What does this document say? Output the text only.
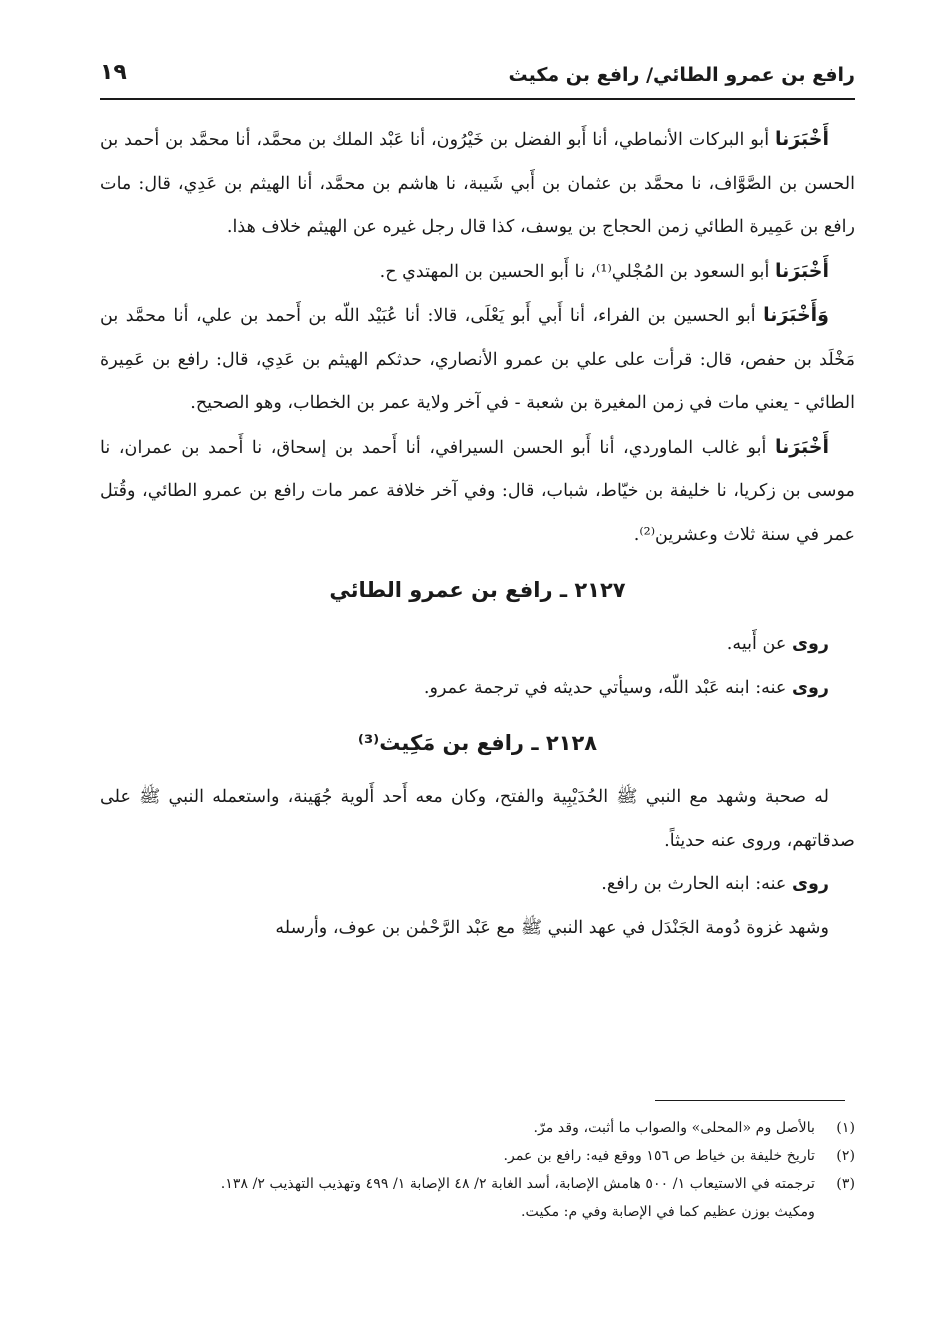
رافع بن عمرو الطائي/ رافع بن مكيث
١٩

أَخْبَرَنا أبو البركات الأنماطي، أنا أَبو الفضل بن خَيْرُون، أنا عَبْد الملك بن محمَّد، أنا محمَّد بن أحمد بن الحسن بن الصَّوَّاف، نا محمَّد بن عثمان بن أَبي شَيبة، نا هاشم بن محمَّد، أنا الهيثم بن عَدِي، قال: مات رافع بن عَمِيرة الطائي زمن الحجاج بن يوسف، كذا قال رجل غيره عن الهيثم خلاف هذا.

أَخْبَرَنا أبو السعود بن المُجْلي⁽¹⁾، نا أَبو الحسين بن المهتدي ح.

وَأَخْبَرَنا أبو الحسين بن الفراء، أنا أَبي أَبو يَعْلَى، قالا: أنا عُبَيْد اللّه بن أَحمد بن علي، أنا محمَّد بن مَخْلَد بن حفص، قال: قرأت على علي بن عمرو الأنصاري، حدثكم الهيثم بن عَدِي، قال: رافع بن عَمِيرة الطائي - يعني مات في زمن المغيرة بن شعبة - في آخر ولاية عمر بن الخطاب، وهو الصحيح.

أَخْبَرَنا أبو غالب الماوردي، أنا أَبو الحسن السيرافي، أنا أَحمد بن إسحاق، نا أَحمد بن عمران، نا موسى بن زكريا، نا خليفة بن خيّاط، شباب، قال: وفي آخر خلافة عمر مات رافع بن عمرو الطائي، وقُتل عمر في سنة ثلاث وعشرين⁽²⁾.

٢١٢٧ ـ رافع بن عمرو الطائي

روى عن أَبيه.

روى عنه: ابنه عَبْد اللّه، وسيأتي حديثه في ترجمة عمرو.

٢١٢٨ ـ رافع بن مَكِيث⁽³⁾

له صحبة وشهد مع النبي ﷺ الحُدَيْبِية والفتح، وكان معه أَحد أَلوية جُهَينة، واستعمله النبي ﷺ على صدقاتهم، وروى عنه حديثاً.

روى عنه: ابنه الحارث بن رافع.

وشهد غزوة دُومة الجَنْدَل في عهد النبي ﷺ مع عَبْد الرَّحْمٰن بن عوف، وأرسله

(١)
بالأصل وم «المحلى» والصواب ما أثبت، وقد مرّ.

(٢)
تاريخ خليفة بن خياط ص ١٥٦ ووقع فيه: رافع بن عمر.

(٣)
ترجمته في الاستيعاب ١/ ٥٠٠ هامش الإصابة، أسد الغابة ٢/ ٤٨ الإصابة ١/ ٤٩٩ وتهذيب التهذيب ٢/ ١٣٨.

ومكيث بوزن عظيم كما في الإصابة وفي م: مكيت.
